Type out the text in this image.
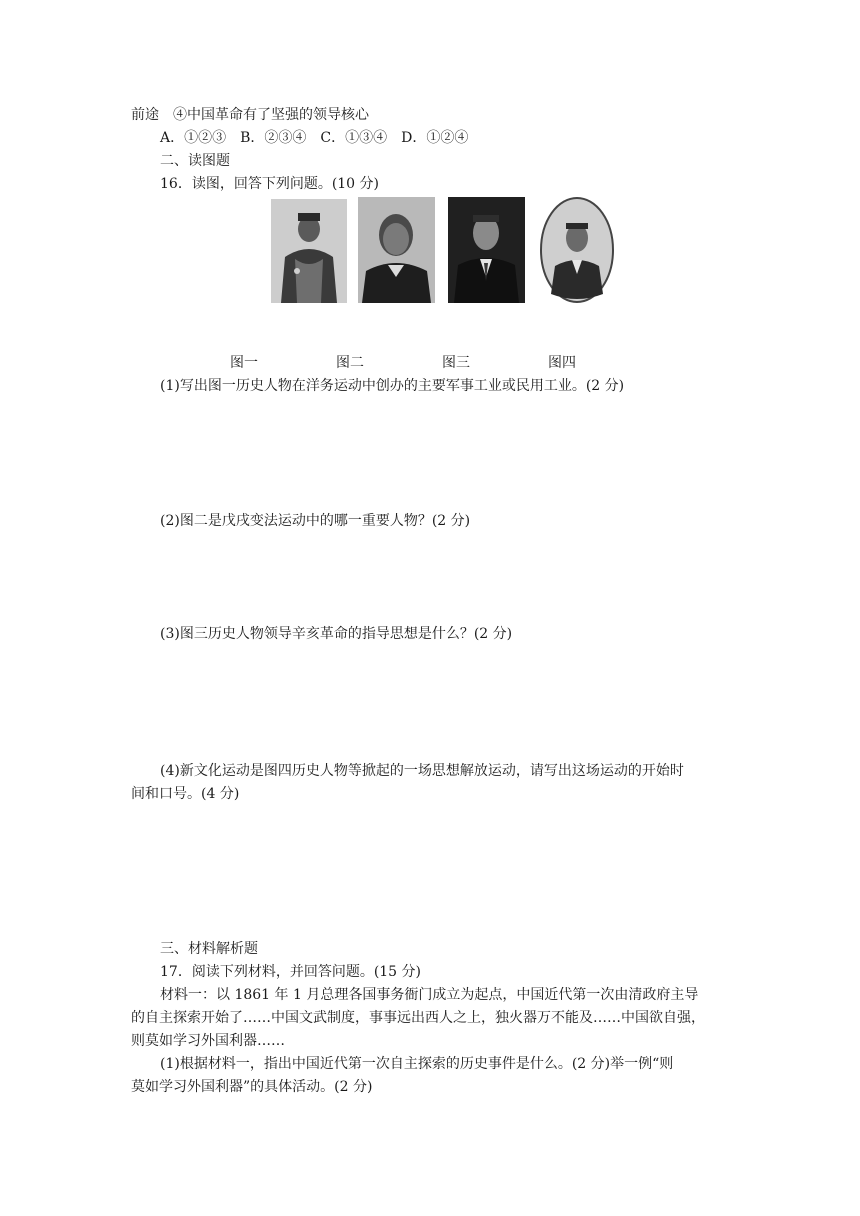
前途　④中国革命有了坚强的领导核心
A．①②③　B．②③④　C．①③④　D．①②④
二、读图题
16．读图，回答下列问题。(10 分)
图一	图二	图三	图四
(1)写出图一历史人物在洋务运动中创办的主要军事工业或民用工业。(2 分)
(2)图二是戊戌变法运动中的哪一重要人物？(2 分)
(3)图三历史人物领导辛亥革命的指导思想是什么？(2 分)
(4)新文化运动是图四历史人物等掀起的一场思想解放运动，请写出这场运动的开始时
间和口号。(4 分)
三、材料解析题
17．阅读下列材料，并回答问题。(15 分)
材料一：以 1861 年 1 月总理各国事务衙门成立为起点，中国近代第一次由清政府主导
的自主探索开始了……中国文武制度，事事远出西人之上，独火器万不能及……中国欲自强，
则莫如学习外国利器……
(1)根据材料一，指出中国近代第一次自主探索的历史事件是什么。(2 分)举一例“则
莫如学习外国利器”的具体活动。(2 分)
